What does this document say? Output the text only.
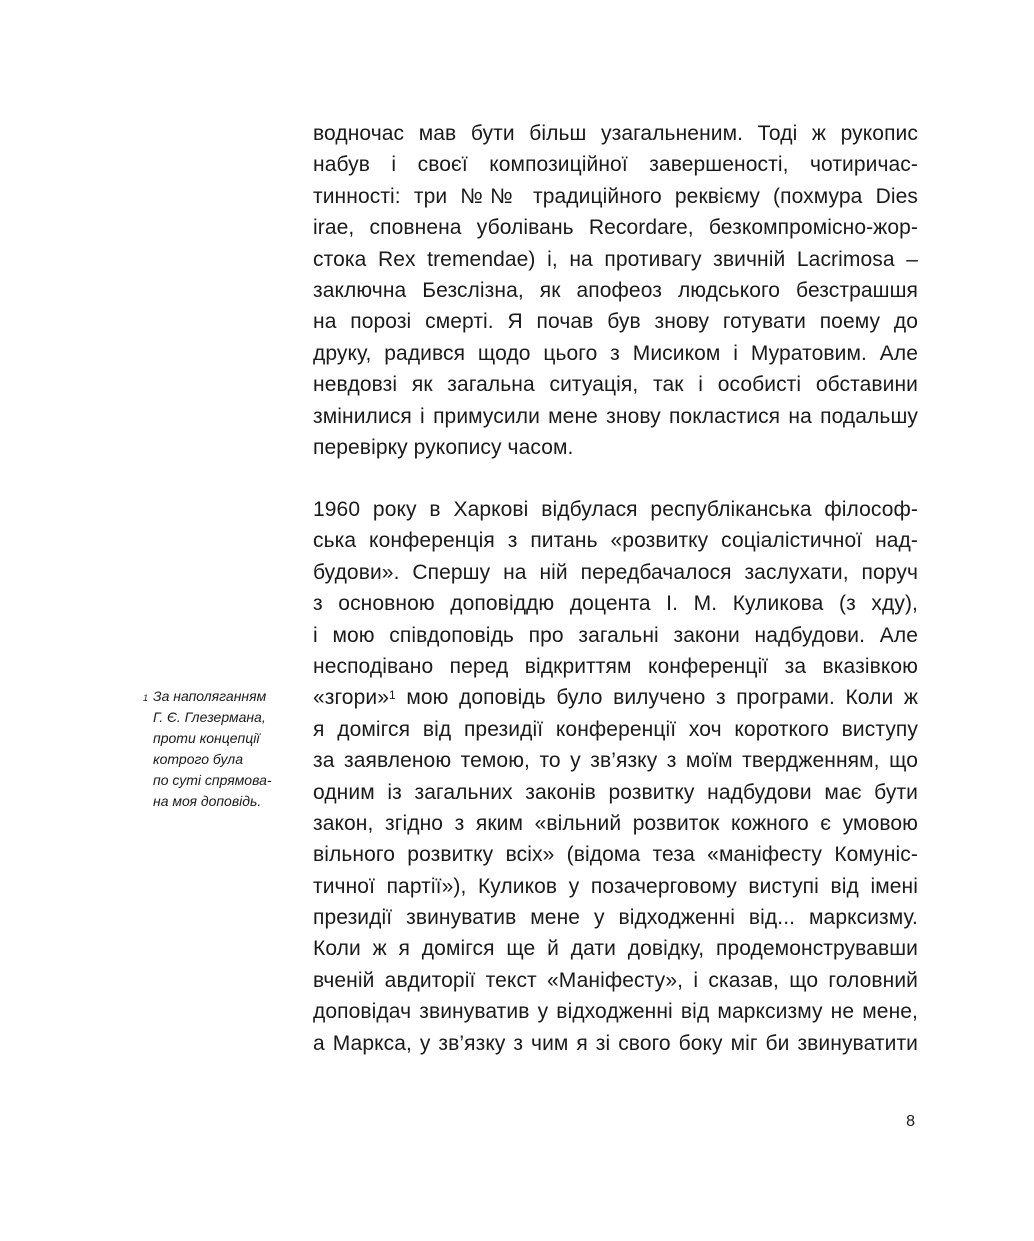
водночас мав бути більш узагальненим. Тоді ж рукопис
набув і своєї композиційної завершеності, чотиричас-
тинності: три №№ традиційного реквієму (похмура Dies
irae, сповнена уболівань Recordare, безкомпромісно-жор-
стока Rex tremendae) і, на противагу звичній Lacrimosa –
заключна Безслізна, як апофеоз людського безстрашшя
на порозі смерті. Я почав був знову готувати поему до
друку, радився щодо цього з Мисиком і Муратовим. Але
невдовзі як загальна ситуація, так і особисті обставини
змінилися і примусили мене знову покластися на подальшу
перевірку рукопису часом.
1960 року в Харкові відбулася республіканська філософ-
ська конференція з питань «розвитку соціалістичної над-
будови». Спершу на ній передбачалося заслухати, поруч
з основною доповіддю доцента І. М. Куликова (з хду),
і мою співдоповідь про загальні закони надбудови. Але
несподівано перед відкриттям конференції за вказівкою
«згори»$^1$ мою доповідь було вилучено з програми. Коли ж
я домігся від президії конференції хоч короткого виступу
за заявленою темою, то у зв’язку з моїм твердженням, що
одним із загальних законів розвитку надбудови має бути
закон, згідно з яким «вільний розвиток кожного є умовою
вільного розвитку всіх» (відома теза «маніфесту Комуніс-
тичної партії»), Куликов у позачерговому виступі від імені
президії звинуватив мене у відходженні від... марксизму.
Коли ж я домігся ще й дати довідку, продемонструвавши
вченій авдиторії текст «Маніфесту», і сказав, що головний
доповідач звинуватив у відходженні від марксизму не мене,
а Маркса, у зв’язку з чим я зі свого боку міг би звинуватити
1 За наполяганням
Г. Є. Глезермана,
проти концепції
котрого була
по суті спрямова-
на моя доповідь.
8
